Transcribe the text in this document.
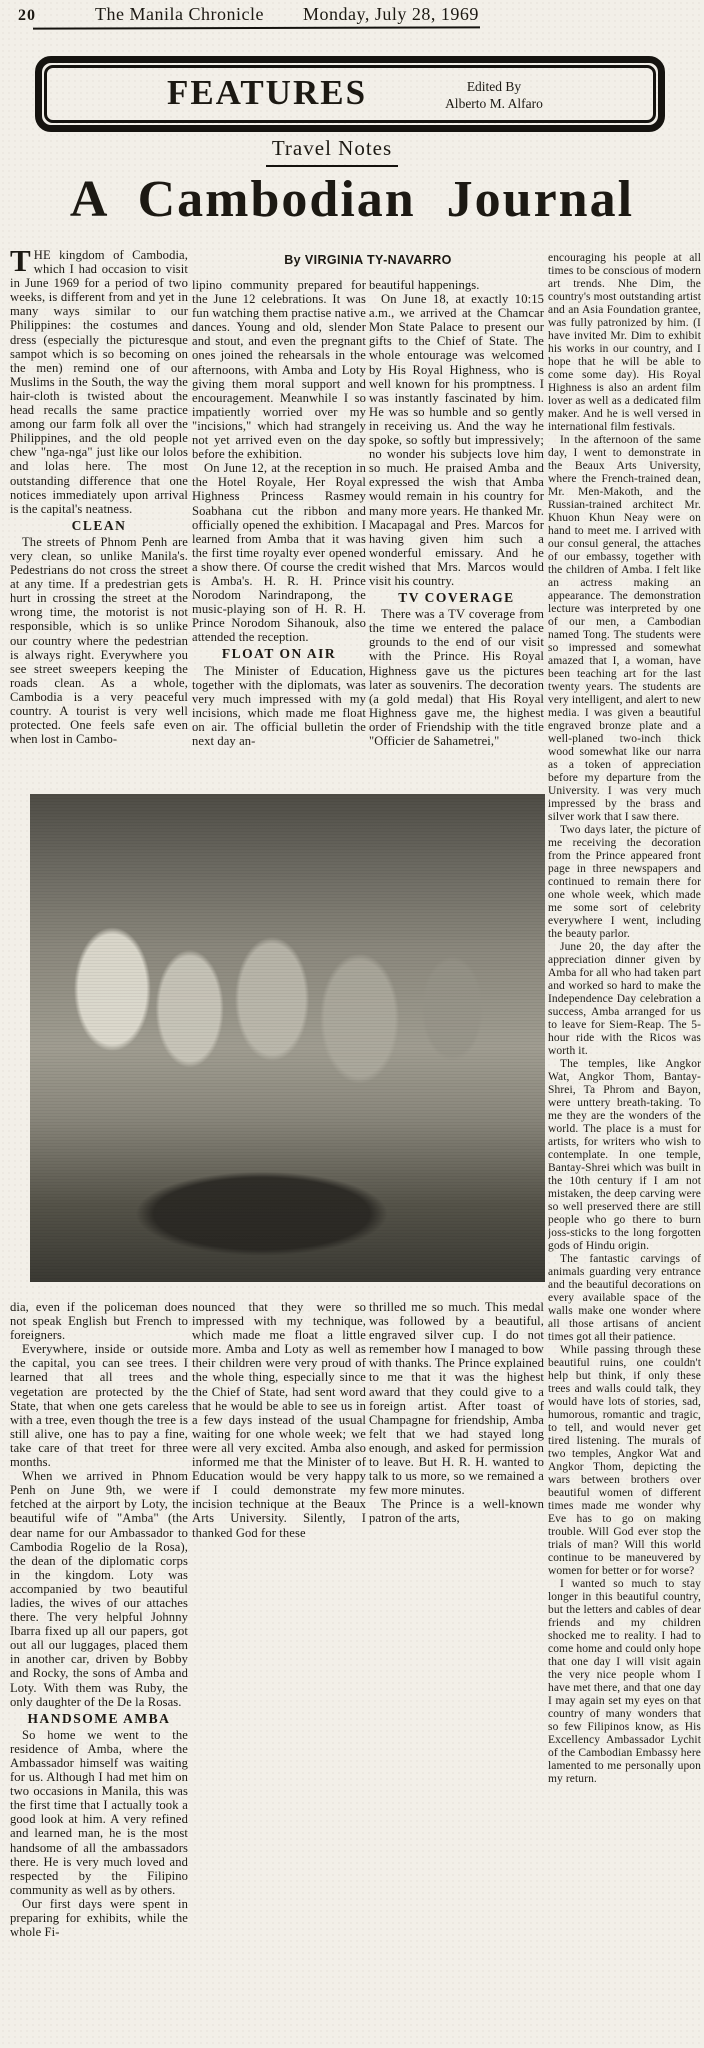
20	The Manila Chronicle Monday, July 28, 1969
FEATURES	Edited By
Alberto M. Alfaro
Travel Notes
A Cambodian Journal
By VIRGINIA TY-NAVARRO

THE kingdom of Cambodia, which I had occasion to visit in June 1969 for a period of two weeks, is different from and yet in many ways similar to our Philippines: the costumes and dress (especially the picturesque sampot which is so becoming on the men) remind one of our Muslims in the South, the way the hair-cloth is twisted about the head recalls the same practice among our farm folk all over the Philippines, and the old people chew "nga-nga" just like our lolos and lolas here. The most outstanding difference that one notices immediately upon arrival is the capital's neatness.

CLEAN

The streets of Phnom Penh are very clean, so unlike Manila's. Pedestrians do not cross the street at any time. If a predestrian gets hurt in crossing the street at the wrong time, the motorist is not responsible, which is so unlike our country where the pedestrian is always right. Everywhere you see street sweepers keeping the roads clean. As a whole, Cambodia is a very peaceful country. A tourist is very well protected. One feels safe even when lost in Cambo-

lipino community prepared for the June 12 celebrations. It was fun watching them practise native dances. Young and old, slender and stout, and even the pregnant ones joined the rehearsals in the afternoons, with Amba and Loty giving them moral support and encouragement. Meanwhile I so impatiently worried over my "incisions," which had strangely not yet arrived even on the day before the exhibition.

On June 12, at the reception in the Hotel Royale, Her Royal Highness Princess Rasmey Soabhana cut the ribbon and officially opened the exhibition. I learned from Amba that it was the first time royalty ever opened a show there. Of course the credit is Amba's. H. R. H. Prince Norodom Narindrapong, the music-playing son of H. R. H. Prince Norodom Sihanouk, also attended the reception.

FLOAT ON AIR

The Minister of Education, together with the diplomats, was very much impressed with my incisions, which made me float on air. The official bulletin the next day an-

beautiful happenings.

On June 18, at exactly 10:15 a.m., we arrived at the Chamcar Mon State Palace to present our gifts to the Chief of State. The whole entourage was welcomed by His Royal Highness, who is well known for his promptness. I was instantly fascinated by him. He was so humble and so gently in receiving us. And the way he spoke, so softly but impressively; no wonder his subjects love him so much. He praised Amba and expressed the wish that Amba would remain in his country for many more years. He thanked Mr. Macapagal and Pres. Marcos for having given him such a wonderful emissary. And he wished that Mrs. Marcos would visit his country.

TV COVERAGE

There was a TV coverage from the time we entered the palace grounds to the end of our visit with the Prince. His Royal Highness gave us the pictures later as souvenirs. The decoration (a gold medal) that His Royal Highness gave me, the highest order of Friendship with the title "Officier de Sahametrei,"

encouraging his people at all times to be conscious of modern art trends. Nhe Dim, the country's most outstanding artist and an Asia Foundation grantee, was fully patronized by him. (I have invited Mr. Dim to exhibit his works in our country, and I hope that he will be able to come some day). His Royal Highness is also an ardent film lover as well as a dedicated film maker. And he is well versed in international film festivals.

In the afternoon of the same day, I went to demonstrate in the Beaux Arts University, where the French-trained dean, Mr. Men-Makoth, and the Russian-trained architect Mr. Khuon Khun Neay were on hand to meet me. I arrived with our consul general, the attaches of our embassy, together with the children of Amba. I felt like an actress making an appearance. The demonstration lecture was interpreted by one of our men, a Cambodian named Tong. The students were so impressed and somewhat amazed that I, a woman, have been teaching art for the last twenty years. The students are very intelligent, and alert to new media. I was given a beautiful engraved bronze plate and a well-planed two-inch thick wood somewhat like our narra as a token of appreciation before my departure from the University. I was very much impressed by the brass and silver work that I saw there.

Two days later, the picture of me receiving the decoration from the Prince appeared front page in three newspapers and continued to remain there for one whole week, which made me some sort of celebrity everywhere I went, including the beauty parlor.

June 20, the day after the appreciation dinner given by Amba for all who had taken part and worked so hard to make the Independence Day celebration a success, Amba arranged for us to leave for Siem-Reap. The 5-hour ride with the Ricos was worth it.

The temples, like Angkor Wat, Angkor Thom, Bantay-Shrei, Ta Phrom and Bayon, were unttery breath-taking. To me they are the wonders of the world. The place is a must for artists, for writers who wish to contemplate. In one temple, Bantay-Shrei which was built in the 10th century if I am not mistaken, the deep carving were so well preserved there are still people who go there to burn joss-sticks to the long forgotten gods of Hindu origin.

The fantastic carvings of animals guarding very entrance and the beautiful decorations on every available space of the walls make one wonder where all those artisans of ancient times got all their patience.

While passing through these beautiful ruins, one couldn't help but think, if only these trees and walls could talk, they would have lots of stories, sad, humorous, romantic and tragic, to tell, and would never get tired listening. The murals of two temples, Angkor Wat and Angkor Thom, depicting the wars between brothers over beautiful women of different times made me wonder why Eve has to go on making trouble. Will God ever stop the trials of man? Will this world continue to be maneuvered by women for better or for worse?

I wanted so much to stay longer in this beautiful country, but the letters and cables of dear friends and my children shocked me to reality. I had to come home and could only hope that one day I will visit again the very nice people whom I have met there, and that one day I may again set my eyes on that country of many wonders that so few Filipinos know, as His Excellency Ambassador Lychit of the Cambodian Embassy here lamented to me personally upon my return.

dia, even if the policeman does not speak English but French to foreigners.

Everywhere, inside or outside the capital, you can see trees. I learned that all trees and vegetation are protected by the State, that when one gets careless with a tree, even though the tree is still alive, one has to pay a fine, take care of that treet for three months.

When we arrived in Phnom Penh on June 9th, we were fetched at the airport by Loty, the beautiful wife of "Amba" (the dear name for our Ambassador to Cambodia Rogelio de la Rosa), the dean of the diplomatic corps in the kingdom. Loty was accompanied by two beautiful ladies, the wives of our attaches there. The very helpful Johnny Ibarra fixed up all our papers, got out all our luggages, placed them in another car, driven by Bobby and Rocky, the sons of Amba and Loty. With them was Ruby, the only daughter of the De la Rosas.

HANDSOME AMBA

So home we went to the residence of Amba, where the Ambassador himself was waiting for us. Although I had met him on two occasions in Manila, this was the first time that I actually took a good look at him. A very refined and learned man, he is the most handsome of all the ambassadors there. He is very much loved and respected by the Filipino community as well as by others.

Our first days were spent in preparing for exhibits, while the whole Fi-

nounced that they were so impressed with my technique, which made me float a little more. Amba and Loty as well as their children were very proud of the whole thing, especially since the Chief of State, had sent word that he would be able to see us in a few days instead of the usual waiting for one whole week; we were all very excited. Amba also informed me that the Minister of Education would be very happy if I could demonstrate my incision technique at the Beaux Arts University. Silently, I thanked God for these

thrilled me so much. This medal was followed by a beautiful, engraved silver cup. I do not remember how I managed to bow with thanks. The Prince explained to me that it was the highest award that they could give to a foreign artist. After toast of Champagne for friendship, Amba felt that we had stayed long enough, and asked for permission to leave. But H. R. H. wanted to talk to us more, so we remained a few more minutes.

The Prince is a well-known patron of the arts,
